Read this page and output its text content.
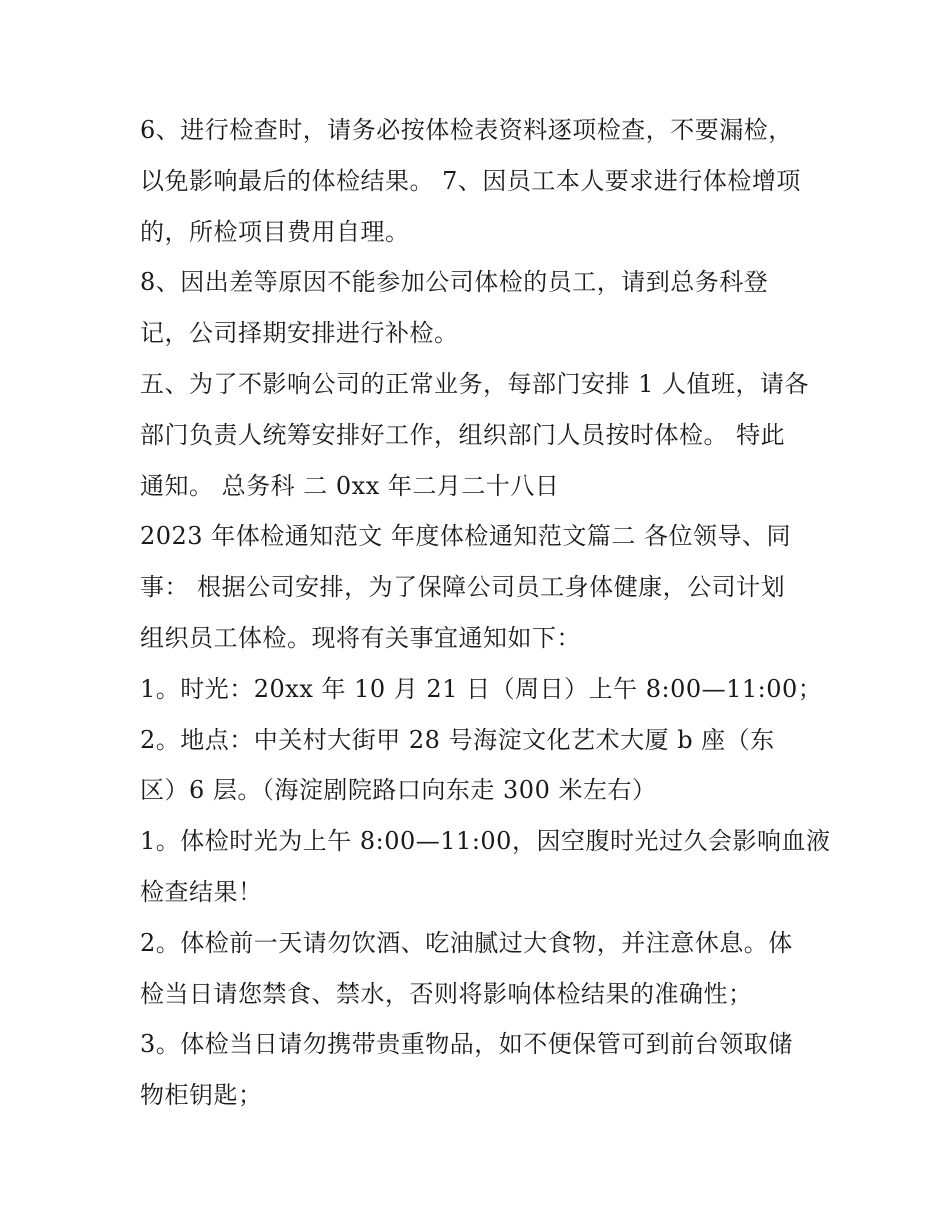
6、进行检查时，请务必按体检表资料逐项检查，不要漏检，
以免影响最后的体检结果。 7、因员工本人要求进行体检增项
的，所检项目费用自理。
8、因出差等原因不能参加公司体检的员工，请到总务科登
记，公司择期安排进行补检。
五、为了不影响公司的正常业务，每部门安排 1 人值班，请各
部门负责人统筹安排好工作，组织部门人员按时体检。 特此
通知。 总务科 二 0xx 年二月二十八日
2023 年体检通知范文 年度体检通知范文篇二 各位领导、同
事： 根据公司安排，为了保障公司员工身体健康，公司计划
组织员工体检。现将有关事宜通知如下：
1。时光：20xx 年 10 月 21 日（周日）上午 8:00—11:00；
2。地点：中关村大街甲 28 号海淀文化艺术大厦 b 座（东
区）6 层。（海淀剧院路口向东走 300 米左右）
1。体检时光为上午 8:00—11:00，因空腹时光过久会影响血液
检查结果！
2。体检前一天请勿饮酒、吃油腻过大食物，并注意休息。体
检当日请您禁食、禁水，否则将影响体检结果的准确性；
3。体检当日请勿携带贵重物品，如不便保管可到前台领取储
物柜钥匙；
